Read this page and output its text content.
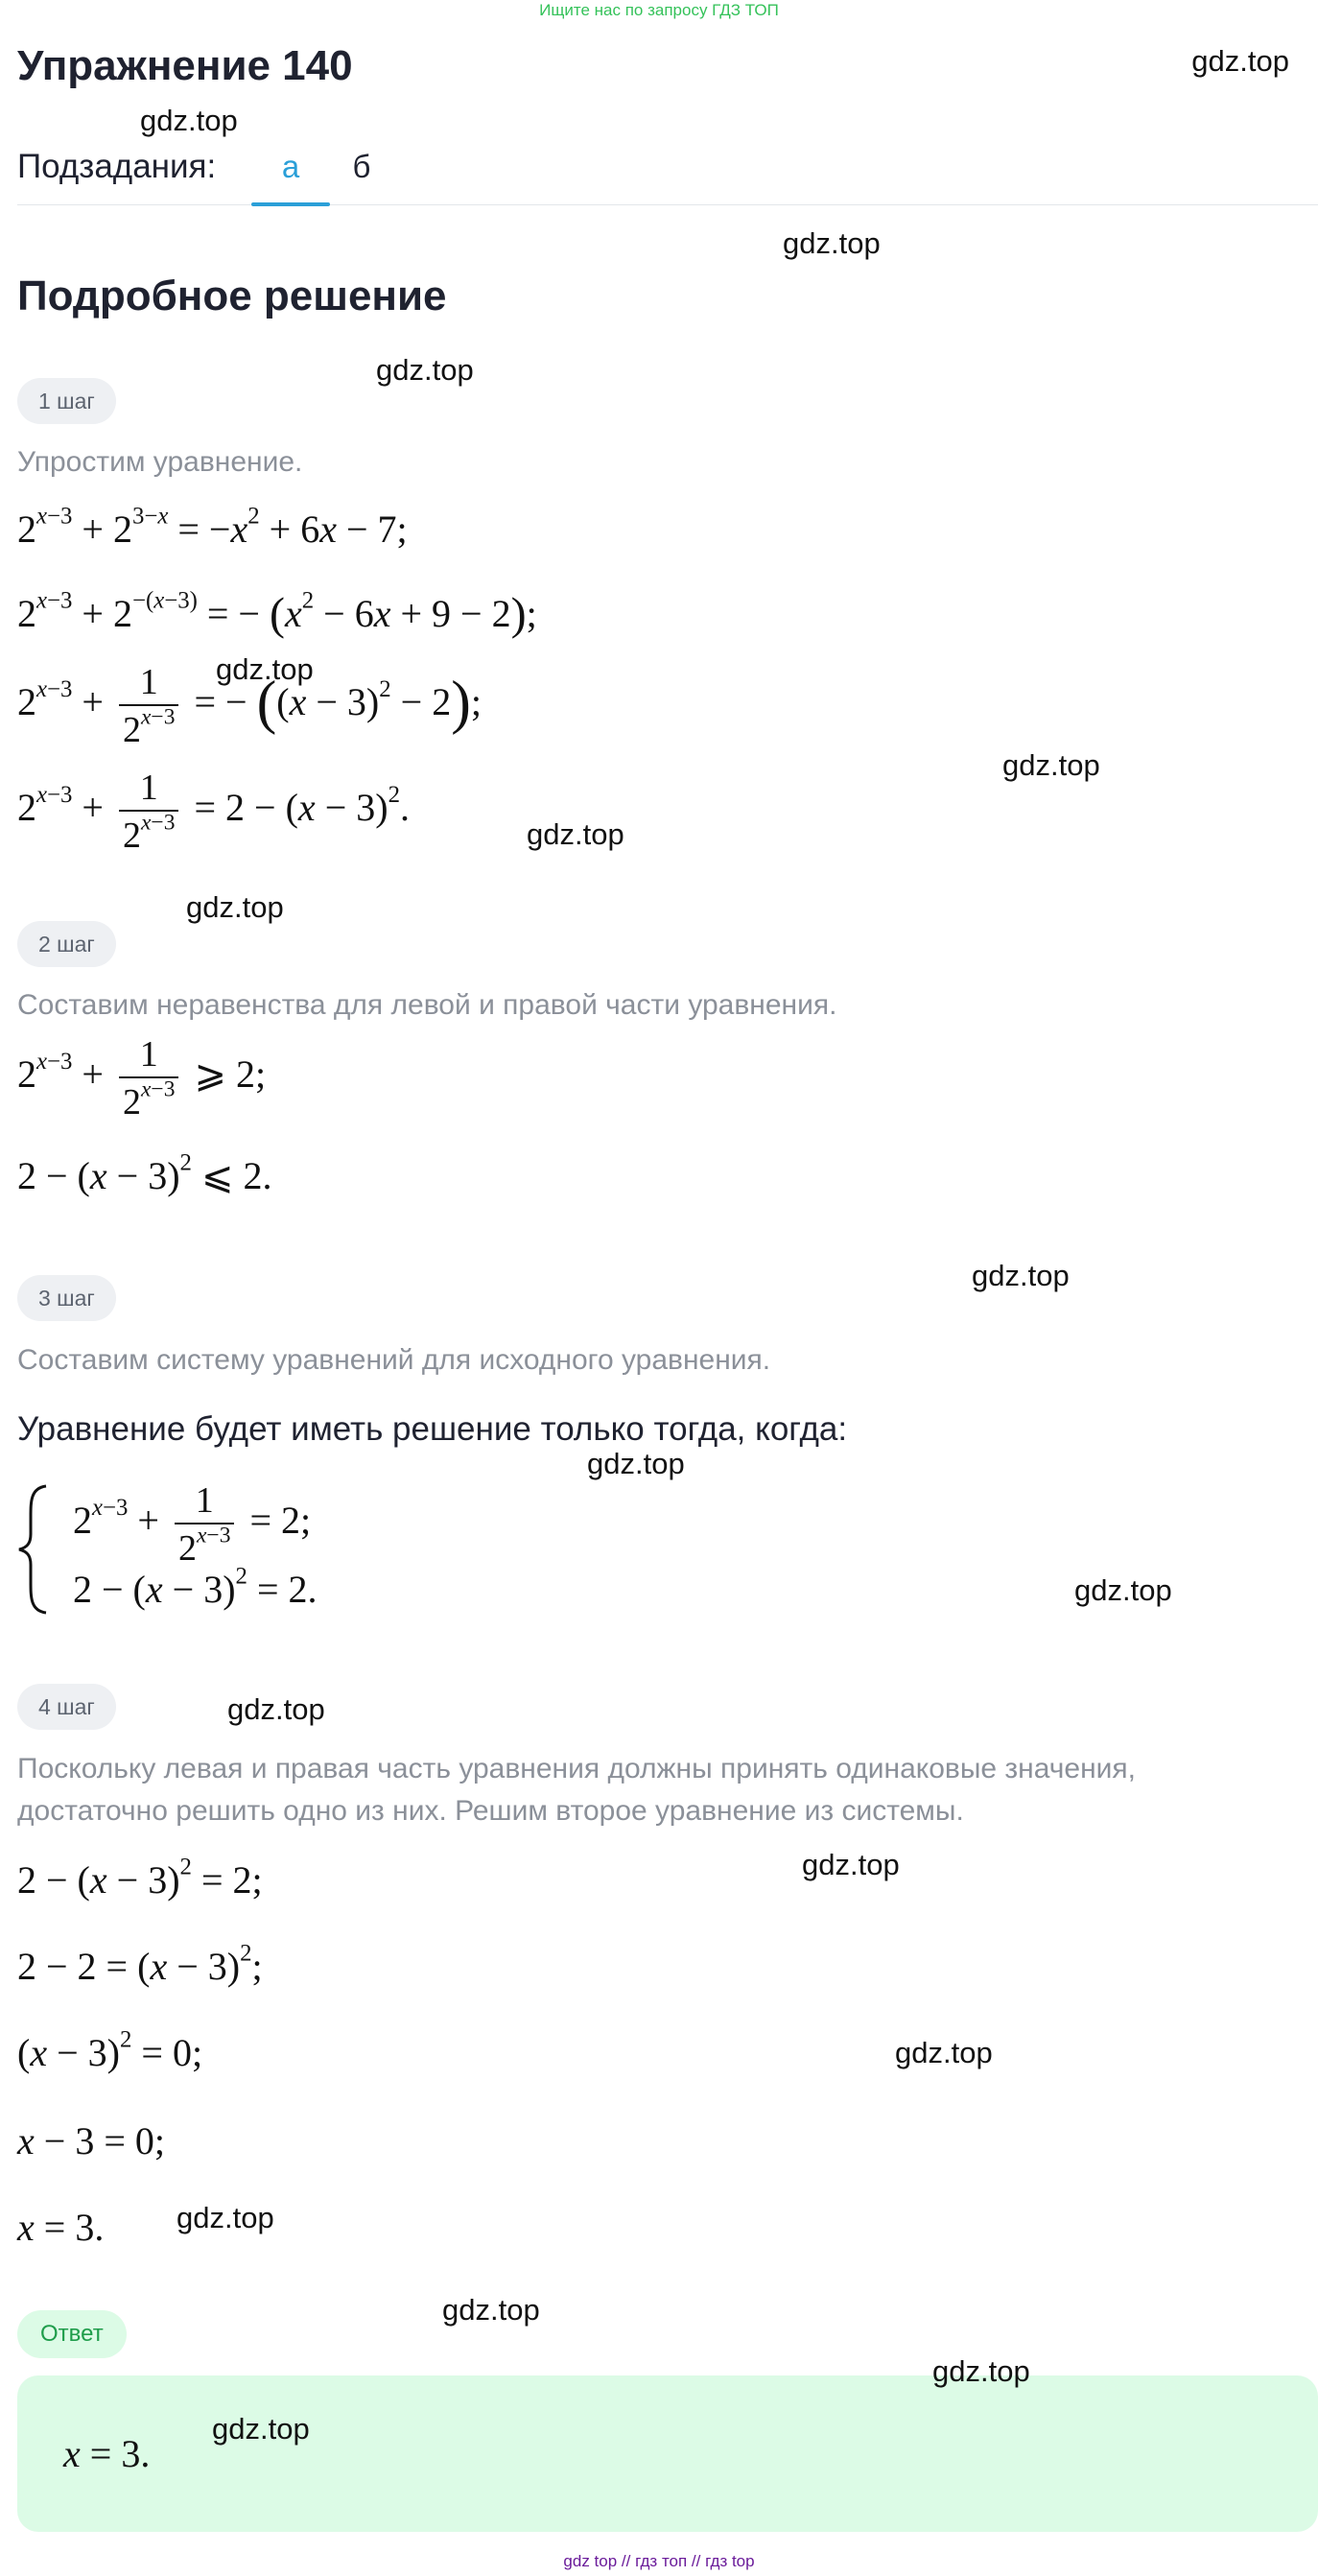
Ищите нас по запросу ГДЗ ТОП
Упражнение 140	gdz.top
Подзадания:	а	б
Подробное решение
1 шаг
Упростим уравнение.
$2^{x-3} + 2^{3-x} = -x^2 + 6x - 7$;
$2^{x-3} + 2^{-(x-3)}$ = − $(x^2 - 6x + 9 - 2)$;
$2^{x-3} + \frac{1}{2^{x-3}}$ = − $((x - 3)^2 - 2)$;
$2^{x-3} + \frac{1}{2^{x-3}} = 2 - (x - 3)^2$.
2 шаг
Составим неравенства для левой и правой части уравнения.
$2^{x-3} + \frac{1}{2^{x-3}}$ ⩾ 2;
$2 - (x - 3)^2$ ⩽ 2.
3 шаг
Составим систему уравнений для исходного уравнения.
Уравнение будет иметь решение только тогда, когда:
$2^{x-3} + \frac{1}{2^{x-3}} = 2$;
$2 - (x - 3)^2 = 2$.
4 шаг
Поскольку левая и правая часть уравнения должны принять одинаковые значения,
достаточно решить одно из них. Решим второе уравнение из системы.
$2 - (x - 3)^2 = 2$;
$2 - 2 = (x - 3)^2$;
$(x - 3)^2 = 0$;
x − 3 = 0;
x = 3.
Ответ
x = 3.
gdz.top
gdz.top
gdz.top
gdz.top
gdz.top
gdz.top
gdz.top
gdz.top
gdz.top
gdz.top
gdz.top
gdz.top
gdz.top
gdz.top
gdz.top
gdz.top
gdz.top
gdz top // гдз топ // гдз top
